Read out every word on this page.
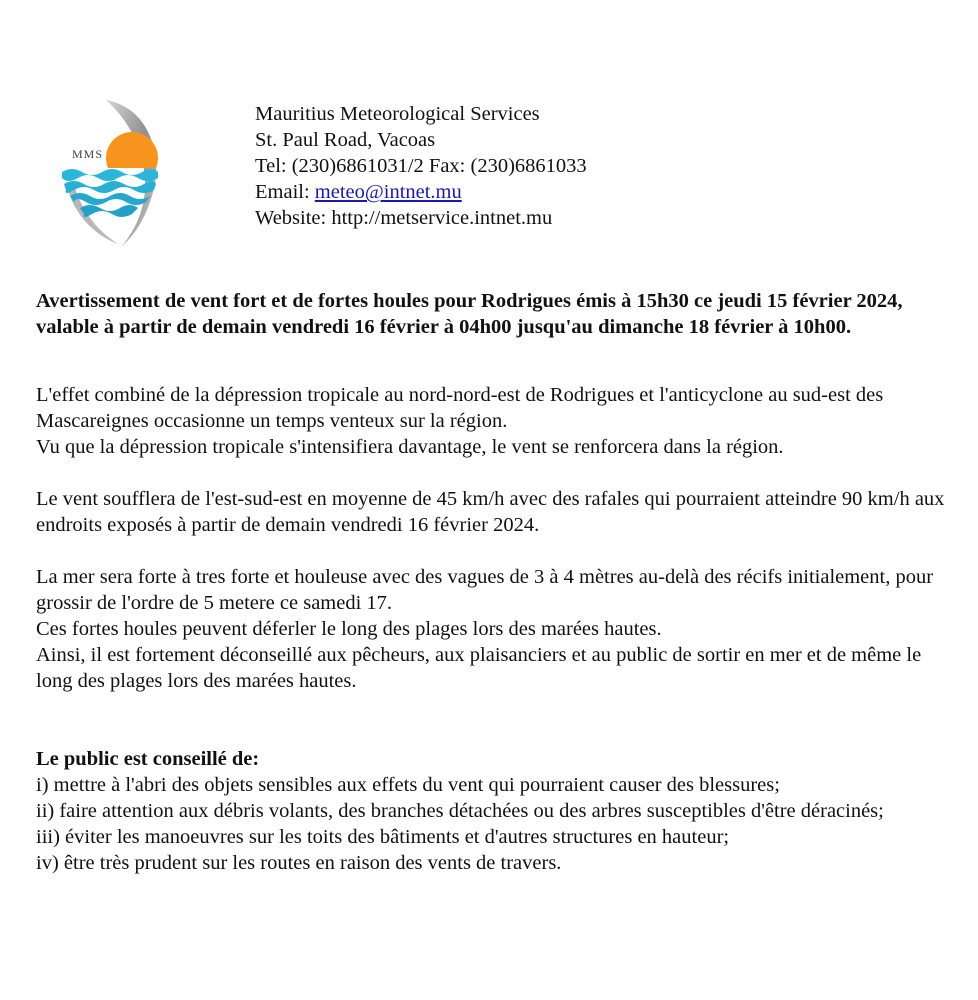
MMS
Mauritius Meteorological Services
St. Paul Road, Vacoas
Tel: (230)6861031/2 Fax: (230)6861033
Email: meteo@intnet.mu
Website: http://metservice.intnet.mu

Avertissement de vent fort et de fortes houles pour Rodrigues émis à 15h30 ce jeudi 15 février 2024, valable à partir de demain vendredi 16 février à 04h00 jusqu'au dimanche 18 février à 10h00.

L'effet combiné de la dépression tropicale au nord-nord-est de Rodrigues et l'anticyclone au sud-est des Mascareignes occasionne un temps venteux sur la région.
Vu que la dépression tropicale s'intensifiera davantage, le vent se renforcera dans la région.
Le vent soufflera de l'est-sud-est en moyenne de 45 km/h avec des rafales qui pourraient atteindre 90 km/h aux endroits exposés à partir de demain vendredi 16 février 2024.
La mer sera forte à tres forte et houleuse avec des vagues de 3 à 4 mètres au-delà des récifs initialement, pour grossir de l'ordre de 5 metere ce samedi 17.
Ces fortes houles peuvent déferler le long des plages lors des marées hautes.
Ainsi, il est fortement déconseillé aux pêcheurs, aux plaisanciers et au public de sortir en mer et de même le long des plages lors des marées hautes.
Le public est conseillé de:
i) mettre à l'abri des objets sensibles aux effets du vent qui pourraient causer des blessures;
ii) faire attention aux débris volants, des branches détachées ou des arbres susceptibles d'être déracinés;
iii) éviter les manoeuvres sur les toits des bâtiments et d'autres structures en hauteur;
iv) être très prudent sur les routes en raison des vents de travers.
